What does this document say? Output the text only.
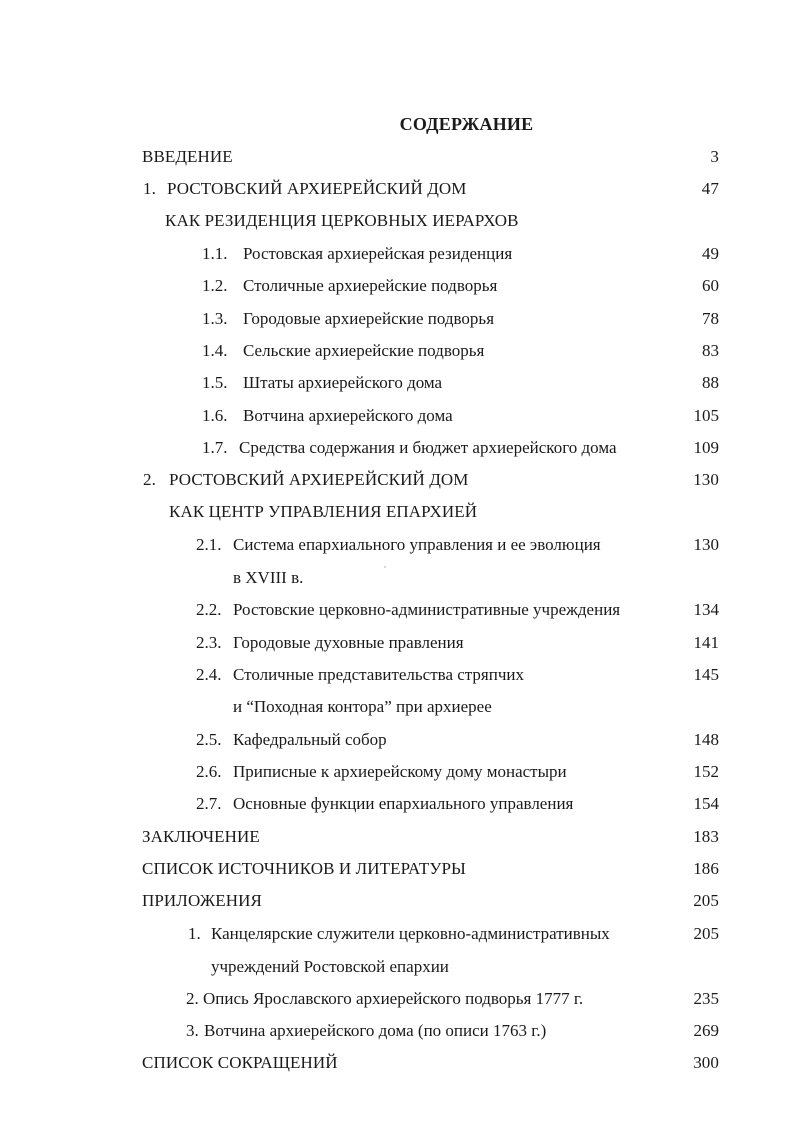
СОДЕРЖАНИЕ
ВВЕДЕНИЕ	3
1. РОСТОВСКИЙ АРХИЕРЕЙСКИЙ ДОМ	47
КАК РЕЗИДЕНЦИЯ ЦЕРКОВНЫХ ИЕРАРХОВ
1.1. Ростовская архиерейская резиденция	49
1.2. Столичные архиерейские подворья	60
1.3. Городовые архиерейские подворья	78
1.4. Сельские архиерейские подворья	83
1.5. Штаты архиерейского дома	88
1.6. Вотчина архиерейского дома	105
1.7. Средства содержания и бюджет архиерейского дома	109
2. РОСТОВСКИЙ АРХИЕРЕЙСКИЙ ДОМ	130
КАК ЦЕНТР УПРАВЛЕНИЯ ЕПАРХИЕЙ
2.1. Система епархиального управления и ее эволюция	130
в XVIII в.
2.2. Ростовские церковно-административные учреждения	134
2.3. Городовые духовные правления	141
2.4. Столичные представительства стряпчих	145
и “Походная контора” при архиерее
2.5. Кафедральный собор	148
2.6. Приписные к архиерейскому дому монастыри	152
2.7. Основные функции епархиального управления	154
ЗАКЛЮЧЕНИЕ	183
СПИСОК ИСТОЧНИКОВ И ЛИТЕРАТУРЫ	186
ПРИЛОЖЕНИЯ	205
1. Канцелярские служители церковно-административных	205
учреждений Ростовской епархии
2. Опись Ярославского архиерейского подворья 1777 г.	235
3. Вотчина архиерейского дома (по описи 1763 г.)	269
СПИСОК СОКРАЩЕНИЙ	300
